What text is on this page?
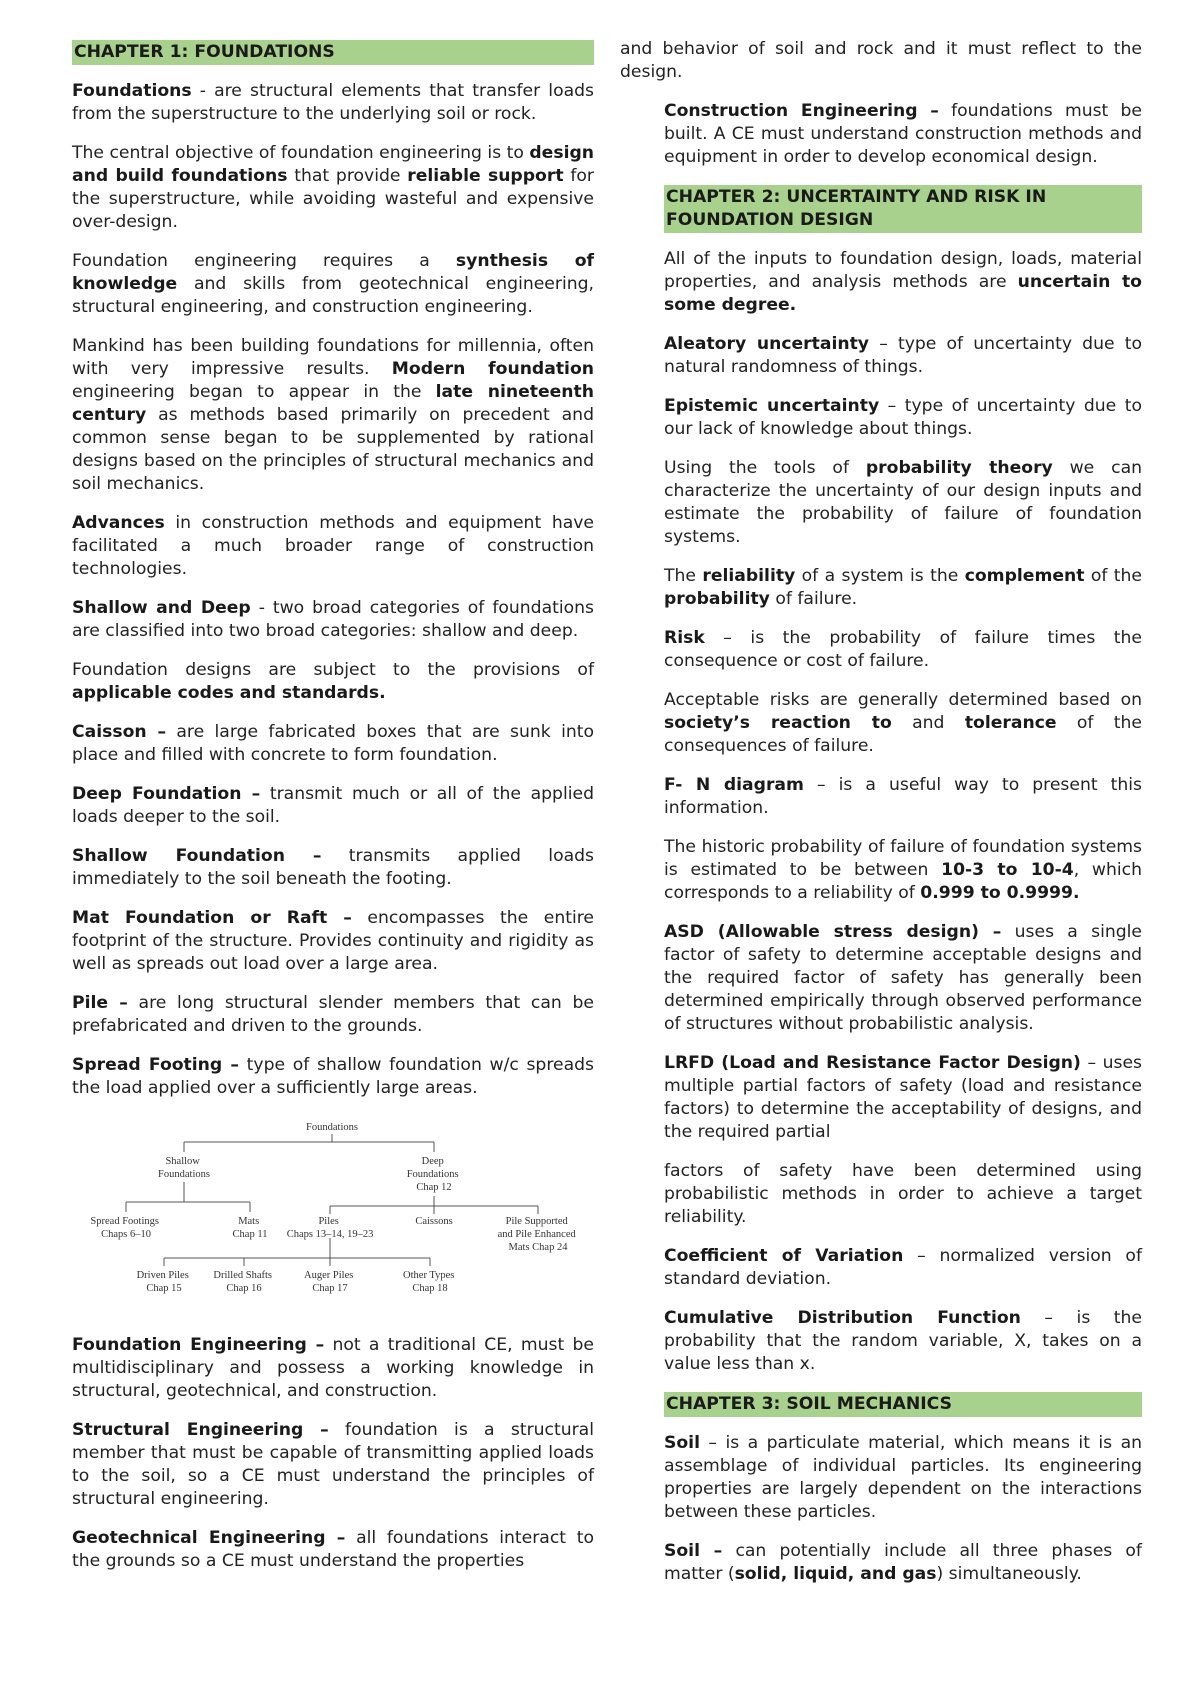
CHAPTER 1: FOUNDATIONS

Foundations - are structural elements that transfer loads from the superstructure to the underlying soil or rock.

The central objective of foundation engineering is to design and build foundations that provide reliable support for the superstructure, while avoiding wasteful and expensive over-design.

Foundation engineering requires a synthesis of knowledge and skills from geotechnical engineering, structural engineering, and construction engineering.

Mankind has been building foundations for millennia, often with very impressive results. Modern foundation engineering began to appear in the late nineteenth century as methods based primarily on precedent and common sense began to be supplemented by rational designs based on the principles of structural mechanics and soil mechanics.

Advances in construction methods and equipment have facilitated a much broader range of construction technologies.

Shallow and Deep - two broad categories of foundations are classified into two broad categories: shallow and deep.

Foundation designs are subject to the provisions of applicable codes and standards.

Caisson – are large fabricated boxes that are sunk into place and filled with concrete to form foundation.

Deep Foundation – transmit much or all of the applied loads deeper to the soil.

Shallow Foundation – transmits applied loads immediately to the soil beneath the footing.

Mat Foundation or Raft – encompasses the entire footprint of the structure. Provides continuity and rigidity as well as spreads out load over a large area.

Pile – are long structural slender members that can be prefabricated and driven to the grounds.

Spread Footing – type of shallow foundation w/c spreads the load applied over a sufficiently large areas.

Foundations
Shallow Foundations
Deep Foundations Chap 12
Spread Footings Chaps 6–10
Mats Chap 11
Piles Chaps 13–14, 19–23
Caissons	Pile Supported and Pile Enhanced Mats Chap 24
Driven Piles Chap 15
Drilled Shafts Chap 16
Auger Piles Chap 17
Other Types Chap 18

Foundation Engineering – not a traditional CE, must be multidisciplinary and possess a working knowledge in structural, geotechnical, and construction.

Structural Engineering – foundation is a structural member that must be capable of transmitting applied loads to the soil, so a CE must understand the principles of structural engineering.

Geotechnical Engineering – all foundations interact to the grounds so a CE must understand the properties

and behavior of soil and rock and it must reflect to the design.

Construction Engineering – foundations must be built. A CE must understand construction methods and equipment in order to develop economical design.

CHAPTER 2: UNCERTAINTY AND RISK IN FOUNDATION DESIGN

All of the inputs to foundation design, loads, material properties, and analysis methods are uncertain to some degree.

Aleatory uncertainty – type of uncertainty due to natural randomness of things.

Epistemic uncertainty – type of uncertainty due to our lack of knowledge about things.

Using the tools of probability theory we can characterize the uncertainty of our design inputs and estimate the probability of failure of foundation systems.

The reliability of a system is the complement of the probability of failure.

Risk – is the probability of failure times the consequence or cost of failure.

Acceptable risks are generally determined based on society’s reaction to and tolerance of the consequences of failure.

F- N diagram – is a useful way to present this information.

The historic probability of failure of foundation systems is estimated to be between 10-3 to 10-4, which corresponds to a reliability of 0.999 to 0.9999.

ASD (Allowable stress design) – uses a single factor of safety to determine acceptable designs and the required factor of safety has generally been determined empirically through observed performance of structures without probabilistic analysis.

LRFD (Load and Resistance Factor Design) – uses multiple partial factors of safety (load and resistance factors) to determine the acceptability of designs, and the required partial

factors of safety have been determined using probabilistic methods in order to achieve a target reliability.

Coefficient of Variation – normalized version of standard deviation.

Cumulative Distribution Function – is the probability that the random variable, X, takes on a value less than x.

CHAPTER 3: SOIL MECHANICS

Soil – is a particulate material, which means it is an assemblage of individual particles. Its engineering properties are largely dependent on the interactions between these particles.

Soil – can potentially include all three phases of matter (solid, liquid, and gas) simultaneously.
